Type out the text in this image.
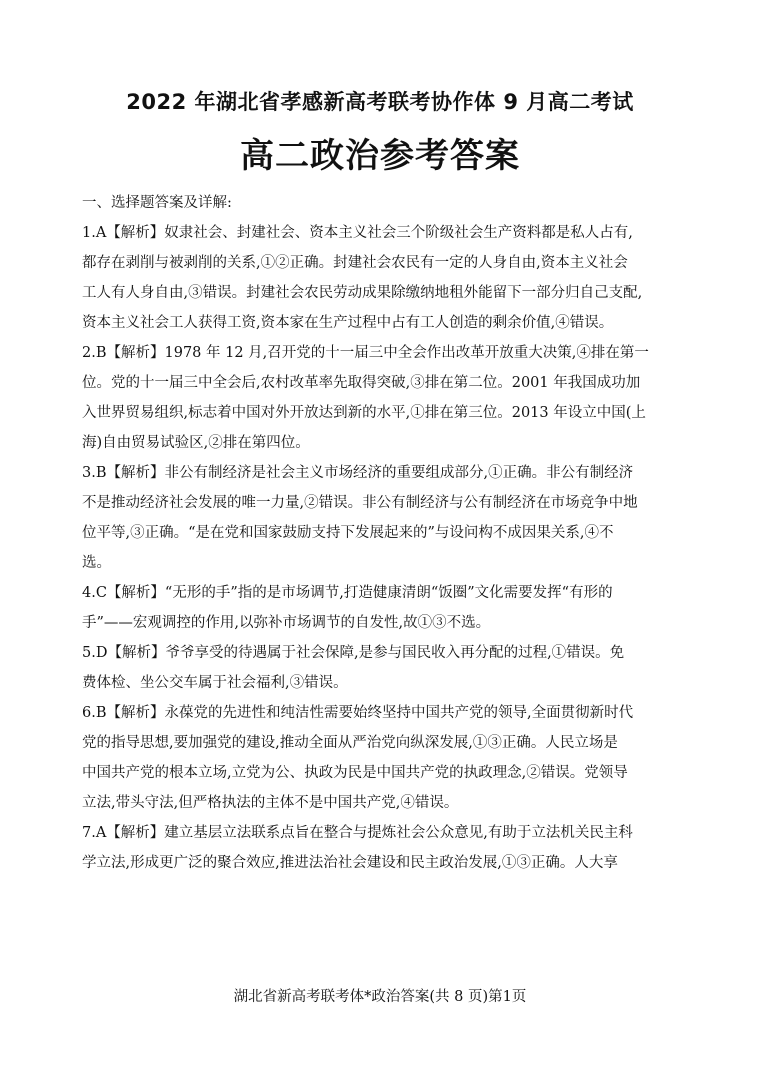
2022 年湖北省孝感新高考联考协作体 9 月高二考试
高二政治参考答案
一、选择题答案及详解:
1.A【解析】奴隶社会、封建社会、资本主义社会三个阶级社会生产资料都是私人占有,
都存在剥削与被剥削的关系,①②正确。封建社会农民有一定的人身自由,资本主义社会
工人有人身自由,③错误。封建社会农民劳动成果除缴纳地租外能留下一部分归自己支配,
资本主义社会工人获得工资,资本家在生产过程中占有工人创造的剩余价值,④错误。
2.B【解析】1978 年 12 月,召开党的十一届三中全会作出改革开放重大决策,④排在第一
位。党的十一届三中全会后,农村改革率先取得突破,③排在第二位。2001 年我国成功加
入世界贸易组织,标志着中国对外开放达到新的水平,①排在第三位。2013 年设立中国(上
海)自由贸易试验区,②排在第四位。
3.B【解析】非公有制经济是社会主义市场经济的重要组成部分,①正确。非公有制经济
不是推动经济社会发展的唯一力量,②错误。非公有制经济与公有制经济在市场竞争中地
位平等,③正确。“是在党和国家鼓励支持下发展起来的”与设问构不成因果关系,④不
选。
4.C【解析】“无形的手”指的是市场调节,打造健康清朗“饭圈”文化需要发挥“有形的
手”——宏观调控的作用,以弥补市场调节的自发性,故①③不选。
5.D【解析】爷爷享受的待遇属于社会保障,是参与国民收入再分配的过程,①错误。免
费体检、坐公交车属于社会福利,③错误。
6.B【解析】永葆党的先进性和纯洁性需要始终坚持中国共产党的领导,全面贯彻新时代
党的指导思想,要加强党的建设,推动全面从严治党向纵深发展,①③正确。人民立场是
中国共产党的根本立场,立党为公、执政为民是中国共产党的执政理念,②错误。党领导
立法,带头守法,但严格执法的主体不是中国共产党,④错误。
7.A【解析】建立基层立法联系点旨在整合与提炼社会公众意见,有助于立法机关民主科
学立法,形成更广泛的聚合效应,推进法治社会建设和民主政治发展,①③正确。人大享
湖北省新高考联考体*政治答案(共 8 页)第1页
